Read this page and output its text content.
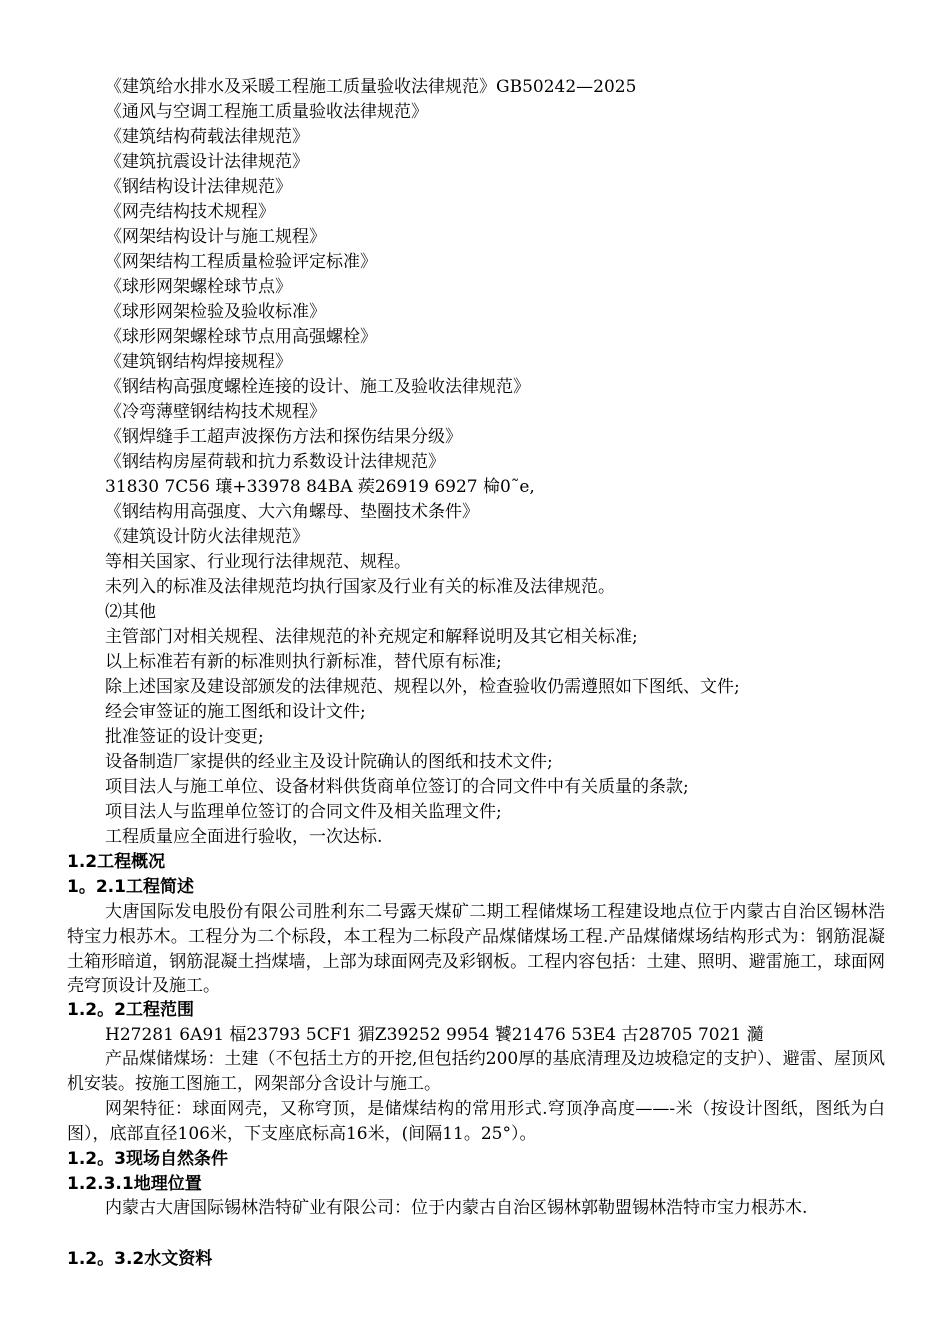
《建筑给水排水及采暖工程施工质量验收法律规范》GB50242—2025
《通风与空调工程施工质量验收法律规范》
《建筑结构荷载法律规范》
《建筑抗震设计法律规范》
《钢结构设计法律规范》
《网壳结构技术规程》
《网架结构设计与施工规程》
《网架结构工程质量检验评定标准》
《球形网架螺栓球节点》
《球形网架检验及验收标准》
《球形网架螺栓球节点用高强螺栓》
《建筑钢结构焊接规程》
《钢结构高强度螺栓连接的设计、施工及验收法律规范》
《冷弯薄壁钢结构技术规程》
《钢焊缝手工超声波探伤方法和探伤结果分级》
《钢结构房屋荷载和抗力系数设计法律规范》
31830 7C56 瓖+33978 84BA 蒺26919 6927 椧0˜e,
《钢结构用高强度、大六角螺母、垫圈技术条件》
《建筑设计防火法律规范》
等相关国家、行业现行法律规范、规程。
未列入的标准及法律规范均执行国家及行业有关的标准及法律规范。
⑵其他
主管部门对相关规程、法律规范的补充规定和解释说明及其它相关标准;
以上标准若有新的标准则执行新标准，替代原有标准;
除上述国家及建设部颁发的法律规范、规程以外，检查验收仍需遵照如下图纸、文件;
经会审签证的施工图纸和设计文件;
批准签证的设计变更;
设备制造厂家提供的经业主及设计院确认的图纸和技术文件;
项目法人与施工单位、设备材料供货商单位签订的合同文件中有关质量的条款;
项目法人与监理单位签订的合同文件及相关监理文件;
工程质量应全面进行验收，一次达标.
1.2工程概况
1。2.1工程简述
大唐国际发电股份有限公司胜利东二号露天煤矿二期工程储煤场工程建设地点位于内蒙古自治区锡林浩特宝力根苏木。工程分为二个标段，本工程为二标段产品煤储煤场工程.产品煤储煤场结构形式为：钢筋混凝土箱形暗道，钢筋混凝土挡煤墙，上部为球面网壳及彩钢板。工程内容包括：土建、照明、避雷施工，球面网壳穹顶设计及施工。
1.2。2工程范围
H27281 6A91 楅23793 5CF1 猸Z39252 9954 饕21476 53E4 古28705 7021 瀡
产品煤储煤场：土建（不包括土方的开挖,但包括约200厚的基底清理及边坡稳定的支护）、避雷、屋顶风机安装。按施工图施工，网架部分含设计与施工。
网架特征：球面网壳，又称穹顶，是储煤结构的常用形式.穹顶净高度——-米（按设计图纸，图纸为白图），底部直径106米，下支座底标高16米，(间隔11。25°）。
1.2。3现场自然条件
1.2.3.1地理位置
内蒙古大唐国际锡林浩特矿业有限公司：位于内蒙古自治区锡林郭勒盟锡林浩特市宝力根苏木.
1.2。3.2水文资料
